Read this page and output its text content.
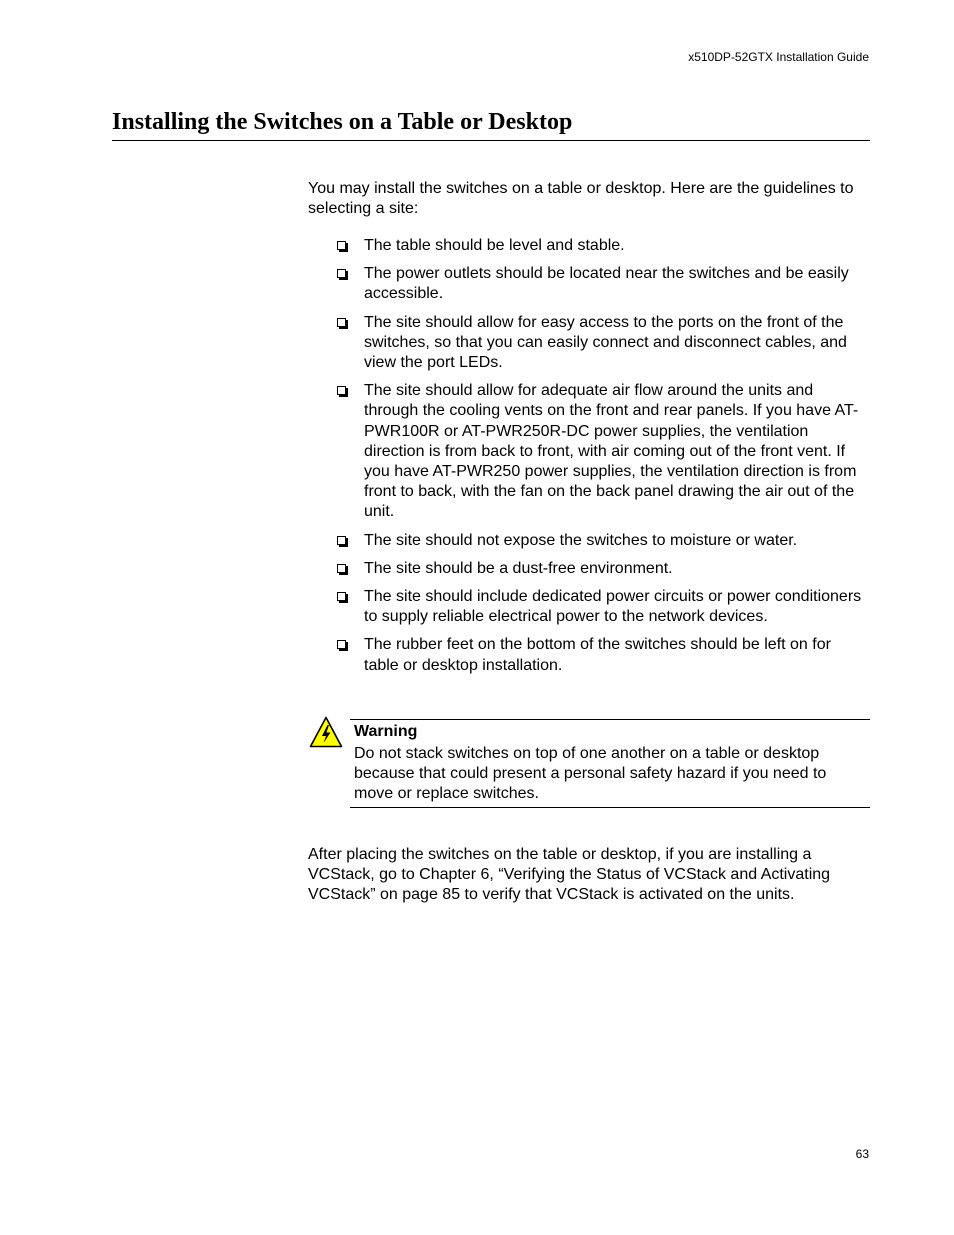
x510DP-52GTX Installation Guide
Installing the Switches on a Table or Desktop

You may install the switches on a table or desktop. Here are the guidelines to selecting a site:

The table should be level and stable.
The power outlets should be located near the switches and be easily accessible.
The site should allow for easy access to the ports on the front of the switches, so that you can easily connect and disconnect cables, and view the port LEDs.
The site should allow for adequate air flow around the units and through the cooling vents on the front and rear panels. If you have AT-PWR100R or AT-PWR250R-DC power supplies, the ventilation direction is from back to front, with air coming out of the front vent. If you have AT-PWR250 power supplies, the ventilation direction is from front to back, with the fan on the back panel drawing the air out of the unit.
The site should not expose the switches to moisture or water.
The site should be a dust-free environment.
The site should include dedicated power circuits or power conditioners to supply reliable electrical power to the network devices.
The rubber feet on the bottom of the switches should be left on for table or desktop installation.
Warning

Do not stack switches on top of one another on a table or desktop because that could present a personal safety hazard if you need to move or replace switches.

After placing the switches on the table or desktop, if you are installing a VCStack, go to Chapter 6, “Verifying the Status of VCStack and Activating VCStack” on page 85 to verify that VCStack is activated on the units.

63
